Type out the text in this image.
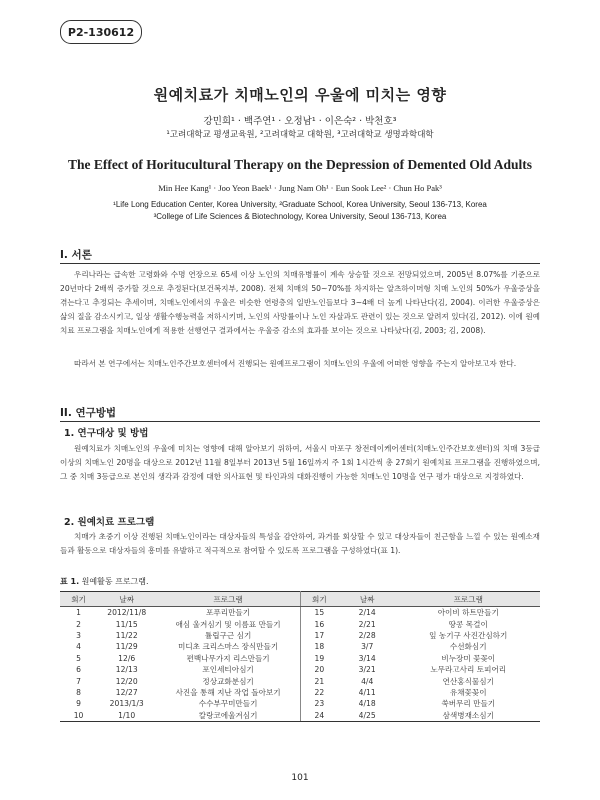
P2-130612
원예치료가 치매노인의 우울에 미치는 영향
강민희¹ · 백주연¹ · 오정남¹ · 이은숙² · 박천호³
¹고려대학교 평생교육원, ²고려대학교 대학원, ³고려대학교 생명과학대학
The Effect of Horitucultural Therapy on the Depression of Demented Old Adults
Min Hee Kang¹ · Joo Yeon Baek¹ · Jung Nam Oh¹ · Eun Sook Lee² · Chun Ho Pak³
¹Life Long Education Center, Korea University, ²Graduate School, Korea University, Seoul 136-713, Korea
³College of Life Sciences & Biotechnology, Korea University, Seoul 136-713, Korea
I. 서론

우리나라는 급속한 고령화와 수명 연장으로 65세 이상 노인의 치매유병률이 계속 상승할 것으로 전망되었으며, 2005년 8.07%를 기준으로 20년마다 2배씩 증가할 것으로 추정된다(보건복지부, 2008). 전체 치매의 50~70%를 차지하는 알츠하이머형 치매 노인의 50%가 우울증상을 겪는다고 추정되는 추세이며, 치매노인에서의 우울은 비슷한 연령층의 일반노인들보다 3~4배 더 높게 나타난다(김, 2004). 이러한 우울증상은 삶의 질을 감소시키고, 일상 생활수행능력을 저하시키며, 노인의 사망률이나 노인 자살과도 관련이 있는 것으로 알려져 있다(김, 2012). 이에 원예치료 프로그램을 치매노인에게 적용한 선행연구 결과에서는 우울증 감소의 효과를 보이는 것으로 나타났다(김, 2003; 김, 2008).

따라서 본 연구에서는 치매노인주간보호센터에서 진행되는 원예프로그램이 치매노인의 우울에 어떠한 영향을 주는지 알아보고자 한다.

II. 연구방법
1. 연구대상 및 방법

원예치료가 치매노인의 우울에 미치는 영향에 대해 알아보기 위하여, 서울시 마포구 창전데이케어센터(치매노인주간보호센터)의 치매 3등급 이상의 치매노인 20명을 대상으로 2012년 11월 8일부터 2013년 5월 16일까지 주 1회 1시간씩 총 27회기 원예치료 프로그램을 진행하였으며, 그 중 치매 3등급으로 본인의 생각과 감정에 대한 의사표현 및 타인과의 대화진행이 가능한 치매노인 10명을 연구 평가 대상으로 지정하였다.

2. 원예치료 프로그램

치매가 초중기 이상 진행된 치매노인이라는 대상자들의 특성을 감안하여, 과거를 회상할 수 있고 대상자들이 친근함을 느낄 수 있는 원예소재들과 활동으로 대상자들의 흥미를 유발하고 적극적으로 참여할 수 있도록 프로그램을 구성하였다(표 1).

표 1. 원예활동 프로그램.
회기	날짜	프로그램	회기	날짜	프로그램
1	2012/11/8	포푸리만들기	15	2/14	아이비 하트만들기
2	11/15	애심 울겨심기 및 이름표 만들기	16	2/21	땅콩 목걸이
3	11/22	튤립구근 심기	17	2/28	잎 농기구 사진간심하기
4	11/29	미디초 크리스마스 장식만들기	18	3/7	수선화심기
5	12/6	편백나무가지 리스만들기	19	3/14	비누장미 꽃꽂이
6	12/13	포인세티아심기	20	3/21	노무라고사리 토피어리
7	12/20	정상교화분심기	21	4/4	연산홍식물심기
8	12/27	사진을 통해 지난 작업 돌아보기	22	4/11	유채꽃꽂이
9	2013/1/3	수수부꾸미만들기	23	4/18	쑥버무리 만들기
10	1/10	칼랑코에울겨심기	24	4/25	삼색병재소심기
101
